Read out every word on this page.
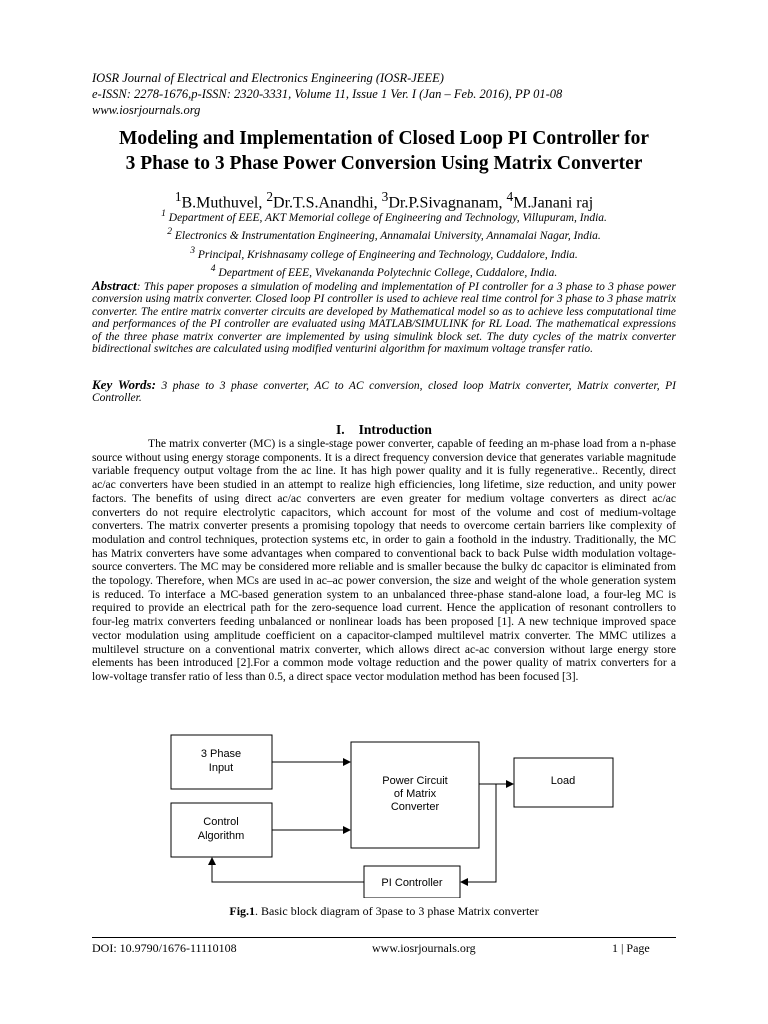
IOSR Journal of Electrical and Electronics Engineering (IOSR-JEEE)
e-ISSN: 2278-1676,p-ISSN: 2320-3331, Volume 11, Issue 1 Ver. I (Jan – Feb. 2016), PP 01-08
www.iosrjournals.org
Modeling and Implementation of Closed Loop PI Controller for
3 Phase to 3 Phase Power Conversion Using Matrix Converter
$^1$B.Muthuvel, $^2$Dr.T.S.Anandhi, $^3$Dr.P.Sivagnanam, $^4$M.Janani raj
$^1$ Department of EEE, AKT Memorial college of Engineering and Technology, Villupuram, India.
$^2$ Electronics & Instrumentation Engineering, Annamalai University, Annamalai Nagar, India.
$^3$ Principal, Krishnasamy college of Engineering and Technology, Cuddalore, India.
$^4$ Department of EEE, Vivekananda Polytechnic College, Cuddalore, India.
Abstract: This paper proposes a simulation of modeling and implementation of PI controller for a 3 phase to 3 phase power conversion using matrix converter. Closed loop PI controller is used to achieve real time control for 3 phase to 3 phase matrix converter. The entire matrix converter circuits are developed by Mathematical model so as to achieve less computational time and performances of the PI controller are evaluated using MATLAB/SIMULINK for RL Load. The mathematical expressions of the three phase matrix converter are implemented by using simulink block set. The duty cycles of the matrix converter bidirectional switches are calculated using modified venturini algorithm for maximum voltage transfer ratio.
Key Words: 3 phase to 3 phase converter, AC to AC conversion, closed loop Matrix converter, Matrix converter, PI Controller.
I. Introduction
The matrix converter (MC) is a single-stage power converter, capable of feeding an m-phase load from a n-phase source without using energy storage components. It is a direct frequency conversion device that generates variable magnitude variable frequency output voltage from the ac line. It has high power quality and it is fully regenerative.. Recently, direct ac/ac converters have been studied in an attempt to realize high efficiencies, long lifetime, size reduction, and unity power factors. The benefits of using direct ac/ac converters are even greater for medium voltage converters as direct ac/ac converters do not require electrolytic capacitors, which account for most of the volume and cost of medium-voltage converters. The matrix converter presents a promising topology that needs to overcome certain barriers like complexity of modulation and control techniques, protection systems etc, in order to gain a foothold in the industry. Traditionally, the MC has Matrix converters have some advantages when compared to conventional back to back Pulse width modulation voltage-source converters. The MC may be considered more reliable and is smaller because the bulky dc capacitor is eliminated from the topology. Therefore, when MCs are used in ac–ac power conversion, the size and weight of the whole generation system is reduced. To interface a MC-based generation system to an unbalanced three-phase stand-alone load, a four-leg MC is required to provide an electrical path for the zero-sequence load current. Hence the application of resonant controllers to four-leg matrix converters feeding unbalanced or nonlinear loads has been proposed [1]. A new technique improved space vector modulation using amplitude coefficient on a capacitor-clamped multilevel matrix converter. The MMC utilizes a multilevel structure on a conventional matrix converter, which allows direct ac-ac conversion without large energy store elements has been introduced [2].For a common mode voltage reduction and the power quality of matrix converters for a low-voltage transfer ratio of less than 0.5, a direct space vector modulation method has been focused [3].
3 Phase
Input
Control
Algorithm
Power Circuit
of Matrix
Converter
Load
PI Controller
Fig.1. Basic block diagram of 3pase to 3 phase Matrix converter
DOI: 10.9790/1676-11110108	www.iosrjournals.org	1 | Page
